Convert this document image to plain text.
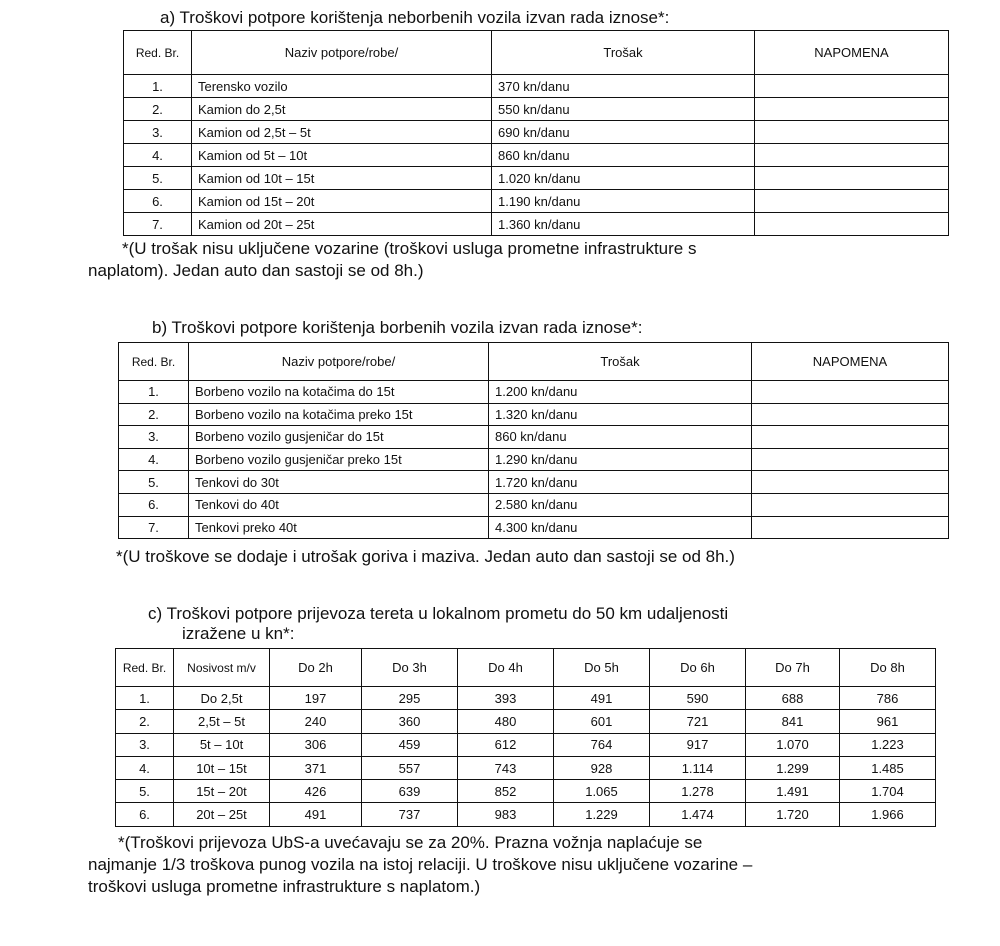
a) Troškovi potpore korištenja neborbenih vozila izvan rada iznose*:

Red. Br.	Naziv potpore/robe/	Trošak	NAPOMENA
1.	Terensko vozilo	370 kn/danu	
2.	Kamion do 2,5t	550 kn/danu	
3.	Kamion od 2,5t – 5t	690 kn/danu	
4.	Kamion od 5t – 10t	860 kn/danu	
5.	Kamion od 10t – 15t	1.020 kn/danu	
6.	Kamion od 15t – 20t	1.190 kn/danu	
7.	Kamion od 20t – 25t	1.360 kn/danu	

*(U trošak nisu uključene vozarine (troškovi usluga prometne infrastrukture s

naplatom). Jedan auto dan sastoji se od 8h.)

b) Troškovi potpore korištenja borbenih vozila izvan rada iznose*:

Red. Br.	Naziv potpore/robe/	Trošak	NAPOMENA
1.	Borbeno vozilo na kotačima do 15t	1.200 kn/danu	
2.	Borbeno vozilo na kotačima preko 15t	1.320 kn/danu	
3.	Borbeno vozilo gusjeničar do 15t	860 kn/danu	
4.	Borbeno vozilo gusjeničar preko 15t	1.290 kn/danu	
5.	Tenkovi do 30t	1.720 kn/danu	
6.	Tenkovi do 40t	2.580 kn/danu	
7.	Tenkovi preko 40t	4.300 kn/danu	

*(U troškove se dodaje i utrošak goriva i maziva. Jedan auto dan sastoji se od 8h.)

c) Troškovi potpore prijevoza tereta u lokalnom prometu do 50 km udaljenosti

izražene u kn*:

Red. Br.	Nosivost m/v	Do 2h	Do 3h	Do 4h	Do 5h	Do 6h	Do 7h	Do 8h
1.	Do 2,5t	197	295	393	491	590	688	786
2.	2,5t – 5t	240	360	480	601	721	841	961
3.	5t – 10t	306	459	612	764	917	1.070	1.223
4.	10t – 15t	371	557	743	928	1.114	1.299	1.485
5.	15t – 20t	426	639	852	1.065	1.278	1.491	1.704
6.	20t – 25t	491	737	983	1.229	1.474	1.720	1.966

*(Troškovi prijevoza UbS-a uvećavaju se za 20%. Prazna vožnja naplaćuje se

najmanje 1/3 troškova punog vozila na istoj relaciji. U troškove nisu uključene vozarine –

troškovi usluga prometne infrastrukture s naplatom.)
